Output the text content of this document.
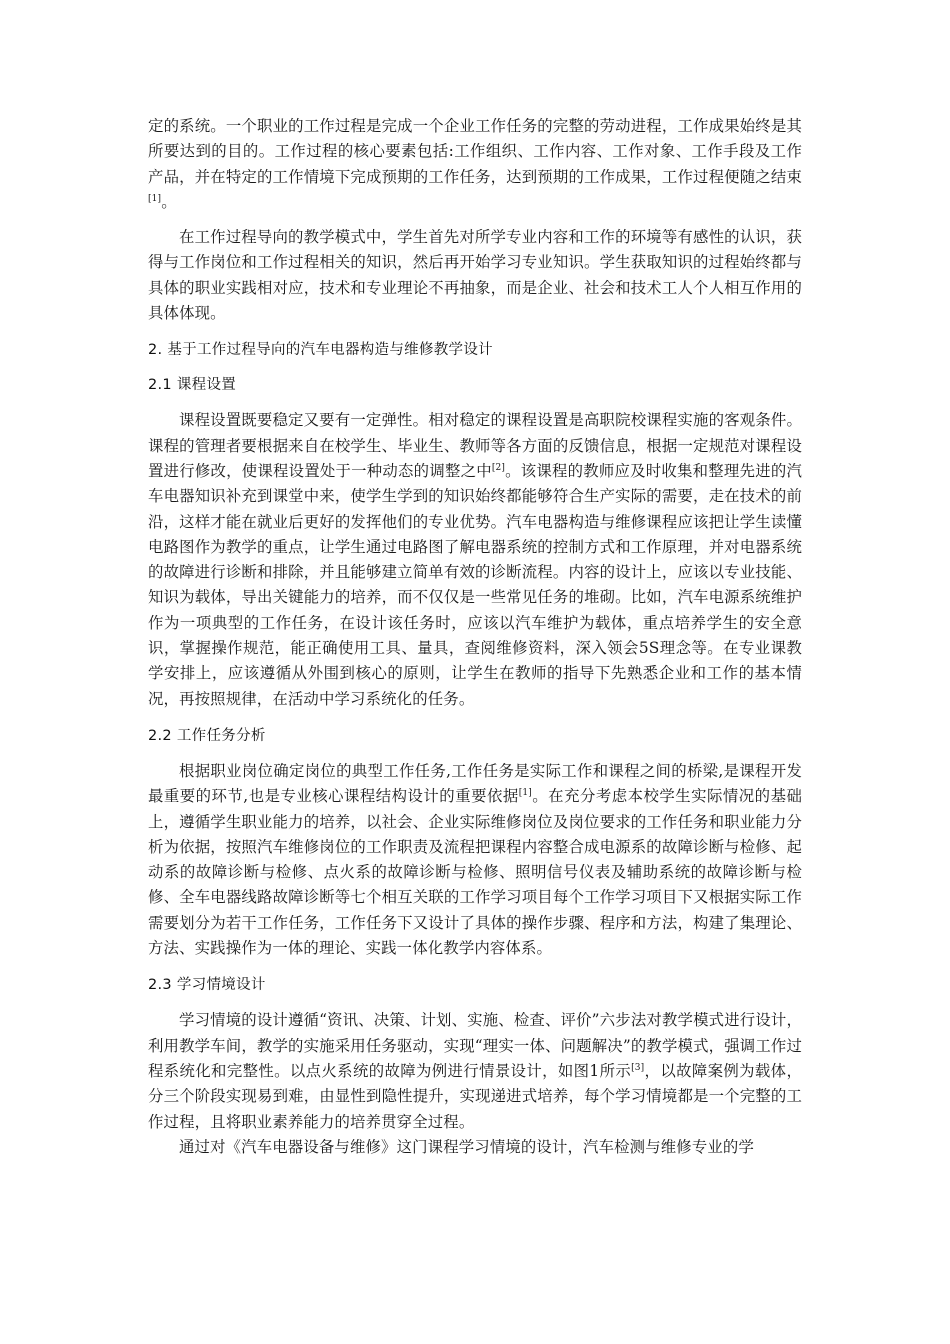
定的系统。一个职业的工作过程是完成一个企业工作任务的完整的劳动进程，工作成果始终是其所要达到的目的。工作过程的核心要素包括:工作组织、工作内容、工作对象、工作手段及工作产品，并在特定的工作情境下完成预期的工作任务，达到预期的工作成果，工作过程便随之结束[1]。

在工作过程导向的教学模式中，学生首先对所学专业内容和工作的环境等有感性的认识，获得与工作岗位和工作过程相关的知识，然后再开始学习专业知识。学生获取知识的过程始终都与具体的职业实践相对应，技术和专业理论不再抽象，而是企业、社会和技术工人个人相互作用的具体体现。

2. 基于工作过程导向的汽车电器构造与维修教学设计
2.1 课程设置

课程设置既要稳定又要有一定弹性。相对稳定的课程设置是高职院校课程实施的客观条件。课程的管理者要根据来自在校学生、毕业生、教师等各方面的反馈信息，根据一定规范对课程设置进行修改，使课程设置处于一种动态的调整之中[2]。该课程的教师应及时收集和整理先进的汽车电器知识补充到课堂中来，使学生学到的知识始终都能够符合生产实际的需要，走在技术的前沿，这样才能在就业后更好的发挥他们的专业优势。汽车电器构造与维修课程应该把让学生读懂电路图作为教学的重点，让学生通过电路图了解电器系统的控制方式和工作原理，并对电器系统的故障进行诊断和排除，并且能够建立简单有效的诊断流程。内容的设计上，应该以专业技能、知识为载体，导出关键能力的培养，而不仅仅是一些常见任务的堆砌。比如，汽车电源系统维护作为一项典型的工作任务，在设计该任务时，应该以汽车维护为载体，重点培养学生的安全意识，掌握操作规范，能正确使用工具、量具，查阅维修资料，深入领会5S理念等。在专业课教学安排上，应该遵循从外围到核心的原则，让学生在教师的指导下先熟悉企业和工作的基本情况，再按照规律，在活动中学习系统化的任务。

2.2 工作任务分析

根据职业岗位确定岗位的典型工作任务,工作任务是实际工作和课程之间的桥梁,是课程开发最重要的环节,也是专业核心课程结构设计的重要依据[1]。在充分考虑本校学生实际情况的基础上，遵循学生职业能力的培养，以社会、企业实际维修岗位及岗位要求的工作任务和职业能力分析为依据，按照汽车维修岗位的工作职责及流程把课程内容整合成电源系的故障诊断与检修、起动系的故障诊断与检修、点火系的故障诊断与检修、照明信号仪表及辅助系统的故障诊断与检修、全车电器线路故障诊断等七个相互关联的工作学习项目每个工作学习项目下又根据实际工作需要划分为若干工作任务，工作任务下又设计了具体的操作步骤、程序和方法，构建了集理论、方法、实践操作为一体的理论、实践一体化教学内容体系。

2.3 学习情境设计

学习情境的设计遵循“资讯、决策、计划、实施、检查、评价”六步法对教学模式进行设计，利用教学车间，教学的实施采用任务驱动，实现“理实一体、问题解决”的教学模式，强调工作过程系统化和完整性。以点火系统的故障为例进行情景设计，如图1所示[3]，以故障案例为载体，分三个阶段实现易到难，由显性到隐性提升，实现递进式培养，每个学习情境都是一个完整的工作过程，且将职业素养能力的培养贯穿全过程。

通过对《汽车电器设备与维修》这门课程学习情境的设计，汽车检测与维修专业的学
